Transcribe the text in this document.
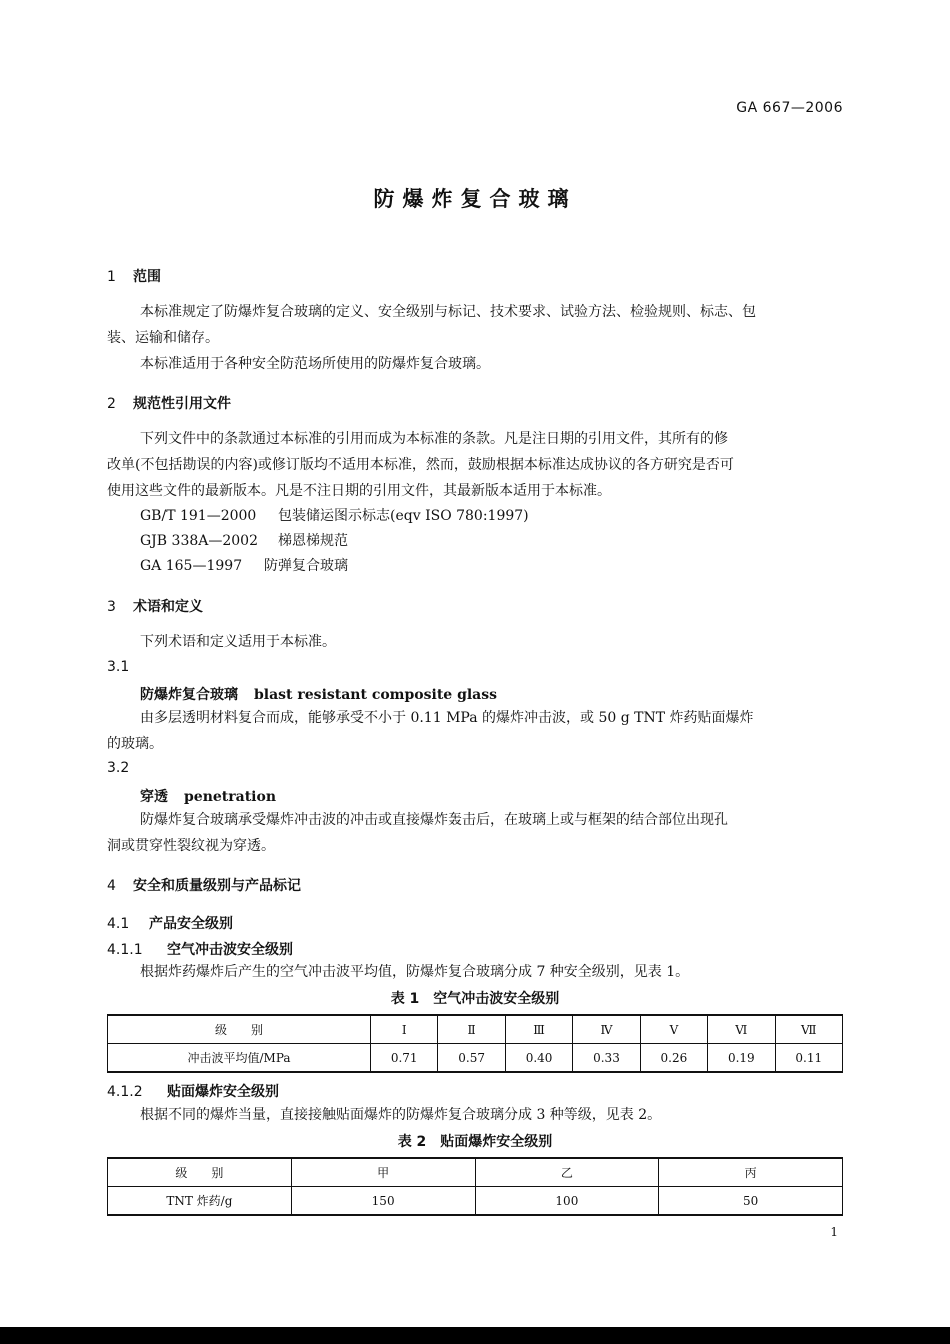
GA 667—2006
防爆炸复合玻璃
1 范围
本标准规定了防爆炸复合玻璃的定义、安全级别与标记、技术要求、试验方法、检验规则、标志、包
装、运输和储存。
本标准适用于各种安全防范场所使用的防爆炸复合玻璃。
2 规范性引用文件
下列文件中的条款通过本标准的引用而成为本标准的条款。凡是注日期的引用文件，其所有的修
改单(不包括勘误的内容)或修订版均不适用本标准，然而，鼓励根据本标准达成协议的各方研究是否可
使用这些文件的最新版本。凡是不注日期的引用文件，其最新版本适用于本标准。
GB/T 191—2000 包装储运图示标志(eqv ISO 780:1997)
GJB 338A—2002 梯恩梯规范
GA 165—1997 防弹复合玻璃
3 术语和定义
下列术语和定义适用于本标准。
3.1
防爆炸复合玻璃 blast resistant composite glass
由多层透明材料复合而成，能够承受不小于 0.11 MPa 的爆炸冲击波，或 50 g TNT 炸药贴面爆炸
的玻璃。
3.2
穿透 penetration
防爆炸复合玻璃承受爆炸冲击波的冲击或直接爆炸轰击后，在玻璃上或与框架的结合部位出现孔
洞或贯穿性裂纹视为穿透。
4 安全和质量级别与产品标记
4.1 产品安全级别
4.1.1 空气冲击波安全级别
根据炸药爆炸后产生的空气冲击波平均值，防爆炸复合玻璃分成 7 种安全级别，见表 1。
表 1　空气冲击波安全级别
级　　别	Ⅰ	Ⅱ	Ⅲ	Ⅳ	Ⅴ	Ⅵ	Ⅶ
冲击波平均值/MPa	0.71	0.57	0.40	0.33	0.26	0.19	0.11
4.1.2 贴面爆炸安全级别
根据不同的爆炸当量，直接接触贴面爆炸的防爆炸复合玻璃分成 3 种等级，见表 2。
表 2　贴面爆炸安全级别
级　　别	甲	乙	丙
TNT 炸药/g	150	100	50
1
